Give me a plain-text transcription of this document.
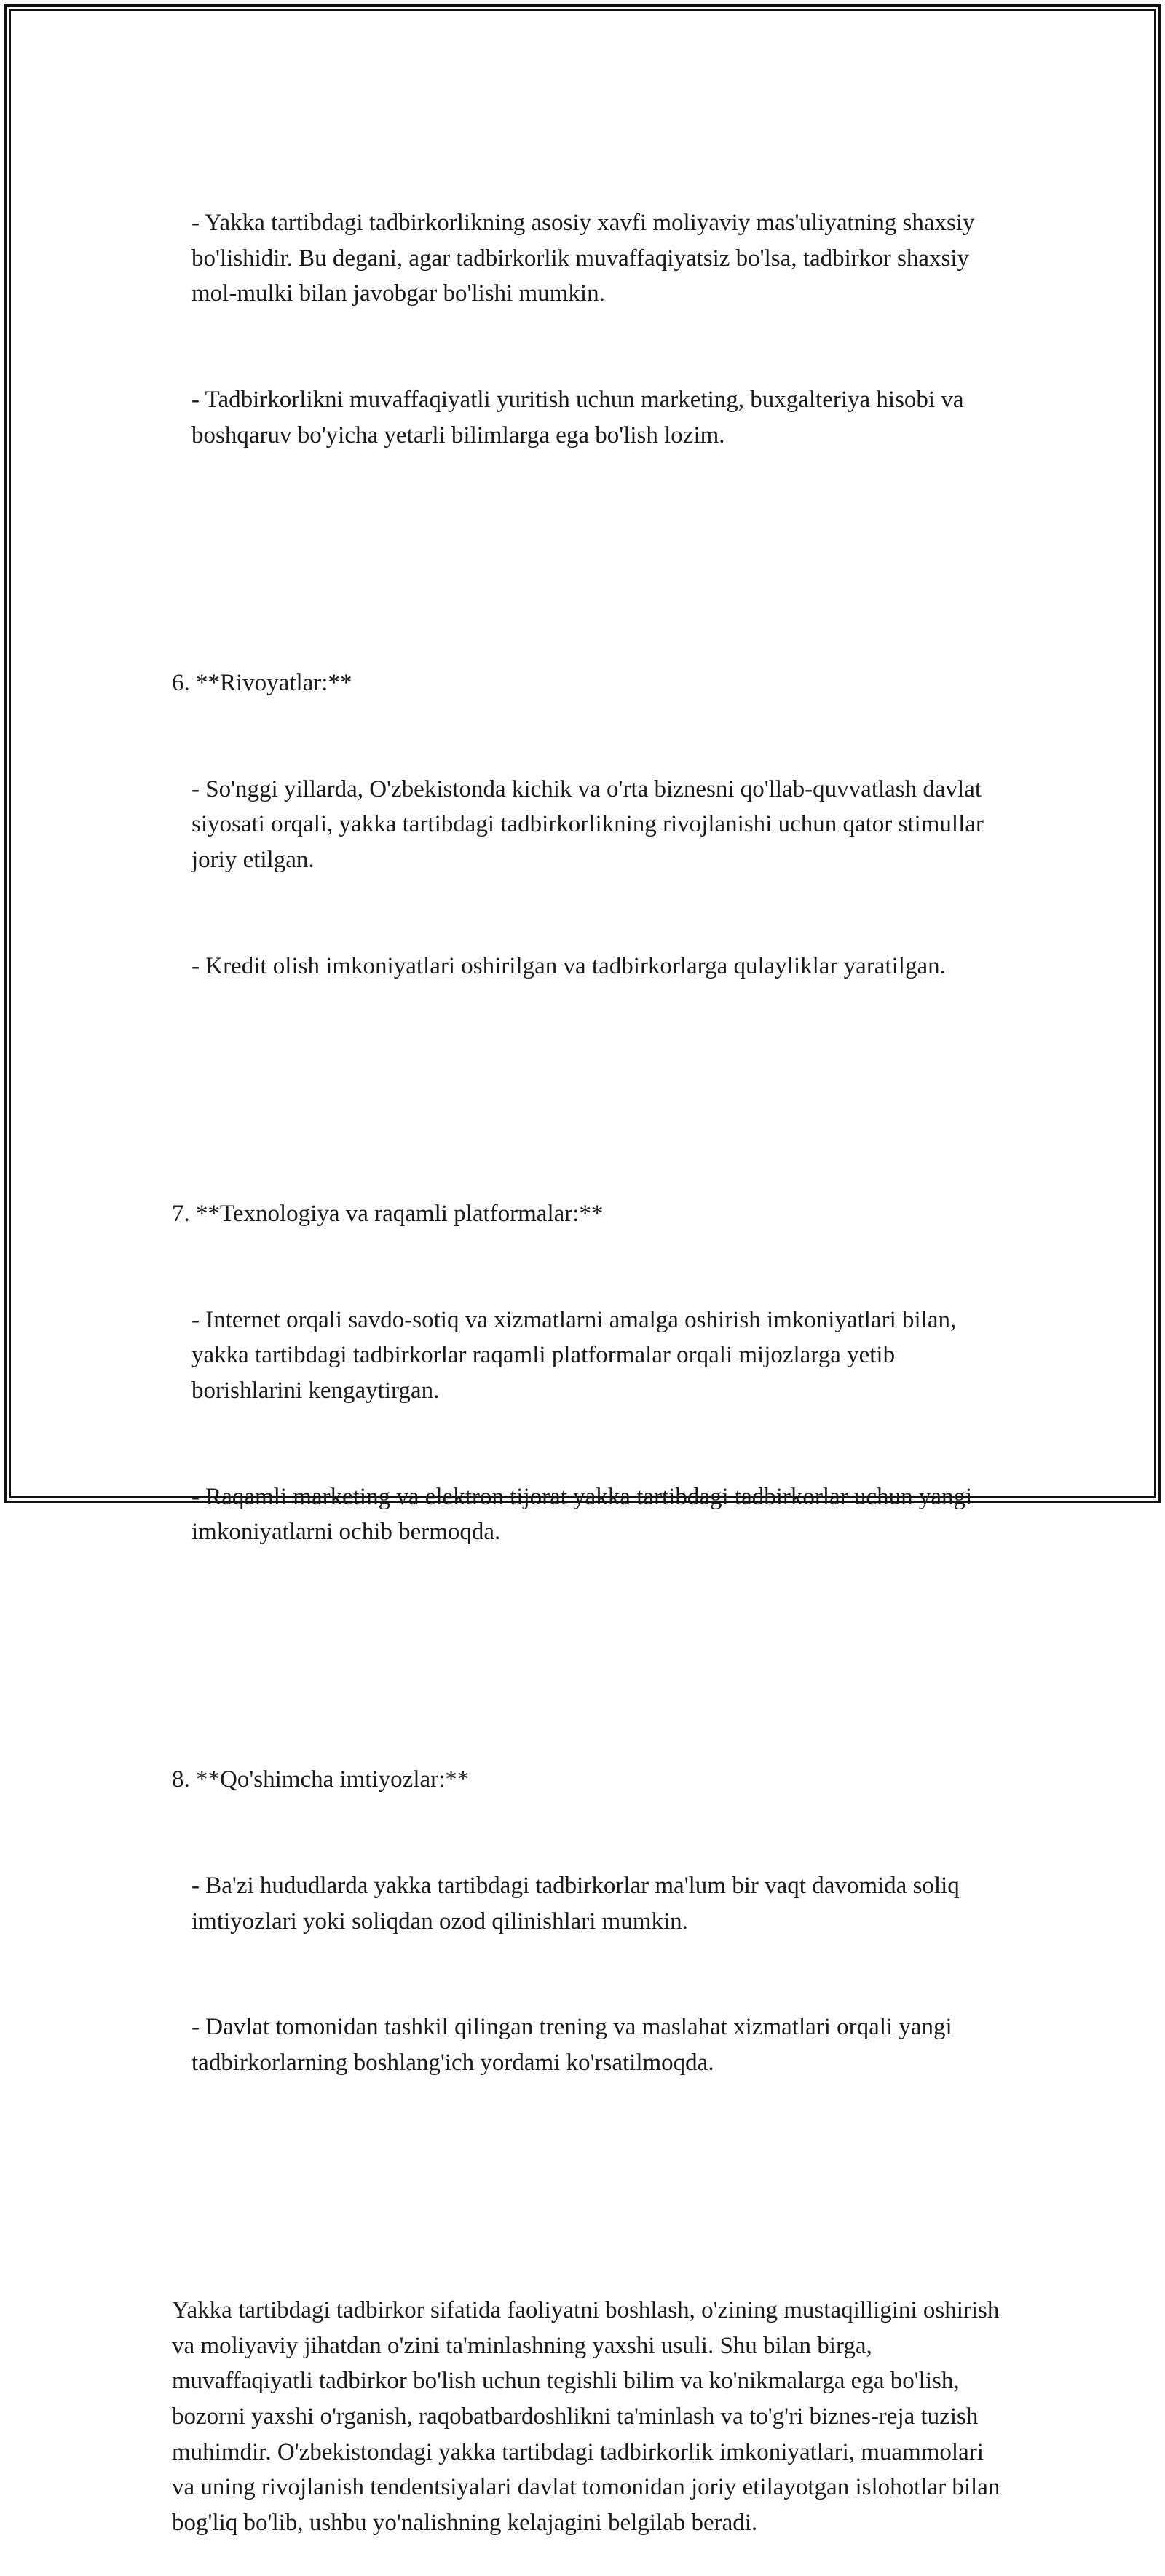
- Yakka tartibdagi tadbirkorlikning asosiy xavfi moliyaviy mas'uliyatning shaxsiy bo'lishidir. Bu degani, agar tadbirkorlik muvaffaqiyatsiz bo'lsa, tadbirkor shaxsiy mol-mulki bilan javobgar bo'lishi mumkin.

- Tadbirkorlikni muvaffaqiyatli yuritish uchun marketing, buxgalteriya hisobi va boshqaruv bo'yicha yetarli bilimlarga ega bo'lish lozim.

6. **Rivoyatlar:**

- So'nggi yillarda, O'zbekistonda kichik va o'rta biznesni qo'llab-quvvatlash davlat siyosati orqali, yakka tartibdagi tadbirkorlikning rivojlanishi uchun qator stimullar joriy etilgan.

- Kredit olish imkoniyatlari oshirilgan va tadbirkorlarga qulayliklar yaratilgan.

7. **Texnologiya va raqamli platformalar:**

- Internet orqali savdo-sotiq va xizmatlarni amalga oshirish imkoniyatlari bilan, yakka tartibdagi tadbirkorlar raqamli platformalar orqali mijozlarga yetib borishlarini kengaytirgan.

- Raqamli marketing va elektron tijorat yakka tartibdagi tadbirkorlar uchun yangi imkoniyatlarni ochib bermoqda.

8. **Qo'shimcha imtiyozlar:**

- Ba'zi hududlarda yakka tartibdagi tadbirkorlar ma'lum bir vaqt davomida soliq imtiyozlari yoki soliqdan ozod qilinishlari mumkin.

- Davlat tomonidan tashkil qilingan trening va maslahat xizmatlari orqali yangi tadbirkorlarning boshlang'ich yordami ko'rsatilmoqda.

Yakka tartibdagi tadbirkor sifatida faoliyatni boshlash, o'zining mustaqilligini oshirish va moliyaviy jihatdan o'zini ta'minlashning yaxshi usuli. Shu bilan birga, muvaffaqiyatli tadbirkor bo'lish uchun tegishli bilim va ko'nikmalarga ega bo'lish, bozorni yaxshi o'rganish, raqobatbardoshlikni ta'minlash va to'g'ri biznes-reja tuzish muhimdir. O'zbekistondagi yakka tartibdagi tadbirkorlik imkoniyatlari, muammolari va uning rivojlanish tendentsiyalari davlat tomonidan joriy etilayotgan islohotlar bilan bog'liq bo'lib, ushbu yo'nalishning kelajagini belgilab beradi.
